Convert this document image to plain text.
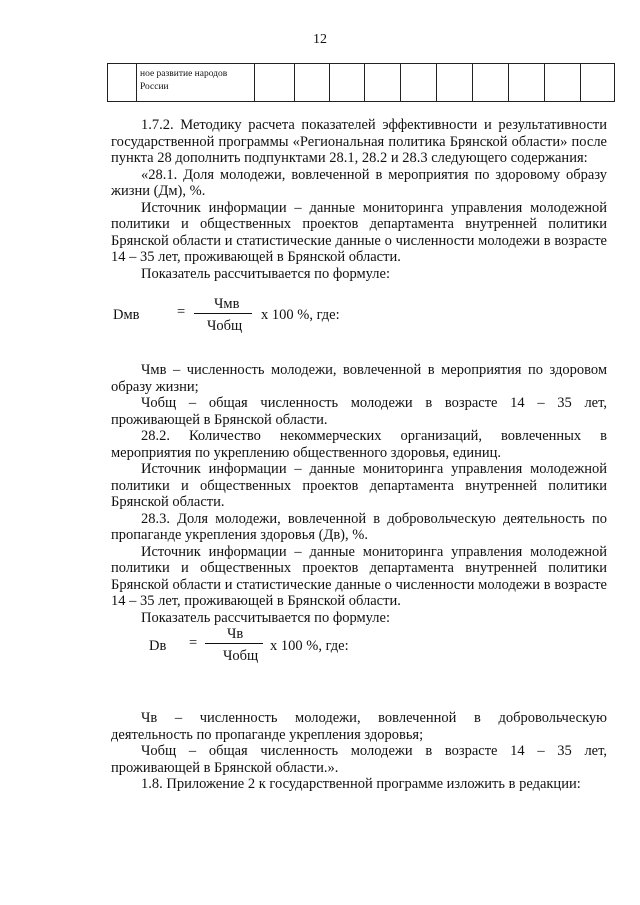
12
	ное развитие народов
России										

1.7.2. Методику расчета показателей эффективности и результативности государственной программы «Региональная политика Брянской области» после пункта 28 дополнить подпунктами 28.1, 28.2 и 28.3 следующего содержания:

«28.1. Доля молодежи, вовлеченной в мероприятия по здоровому образу жизни (Дм), %.

Источник информации – данные мониторинга управления молодежной политики и общественных проектов департамента внутренней политики Брянской области и статистические данные о численности молодежи в возрасте 14 – 35 лет, проживающей в Брянской области.

Показатель рассчитывается по формуле:

Dмв	= Чмв
Чобщ
х 100 %, где:

Чмв – численность молодежи, вовлеченной в мероприятия по здоровом образу жизни;

Чобщ – общая численность молодежи в возрасте 14 – 35 лет, проживающей в Брянской области.

28.2. Количество некоммерческих организаций, вовлеченных в мероприятия по укреплению общественного здоровья, единиц.

Источник информации – данные мониторинга управления молодежной политики и общественных проектов департамента внутренней политики Брянской области.

28.3. Доля молодежи, вовлеченной в добровольческую деятельность по пропаганде укрепления здоровья (Дв), %.

Источник информации – данные мониторинга управления молодежной политики и общественных проектов департамента внутренней политики Брянской области и статистические данные о численности молодежи в возрасте 14 – 35 лет, проживающей в Брянской области.

Показатель рассчитывается по формуле:

Dв =
Чв
Чобщ
х 100 %, где:

Чв – численность молодежи, вовлеченной в добровольческую деятельность по пропаганде укрепления здоровья;

Чобщ – общая численность молодежи в возрасте 14 – 35 лет, проживающей в Брянской области.».

1.8. Приложение 2 к государственной программе изложить в редакции:
